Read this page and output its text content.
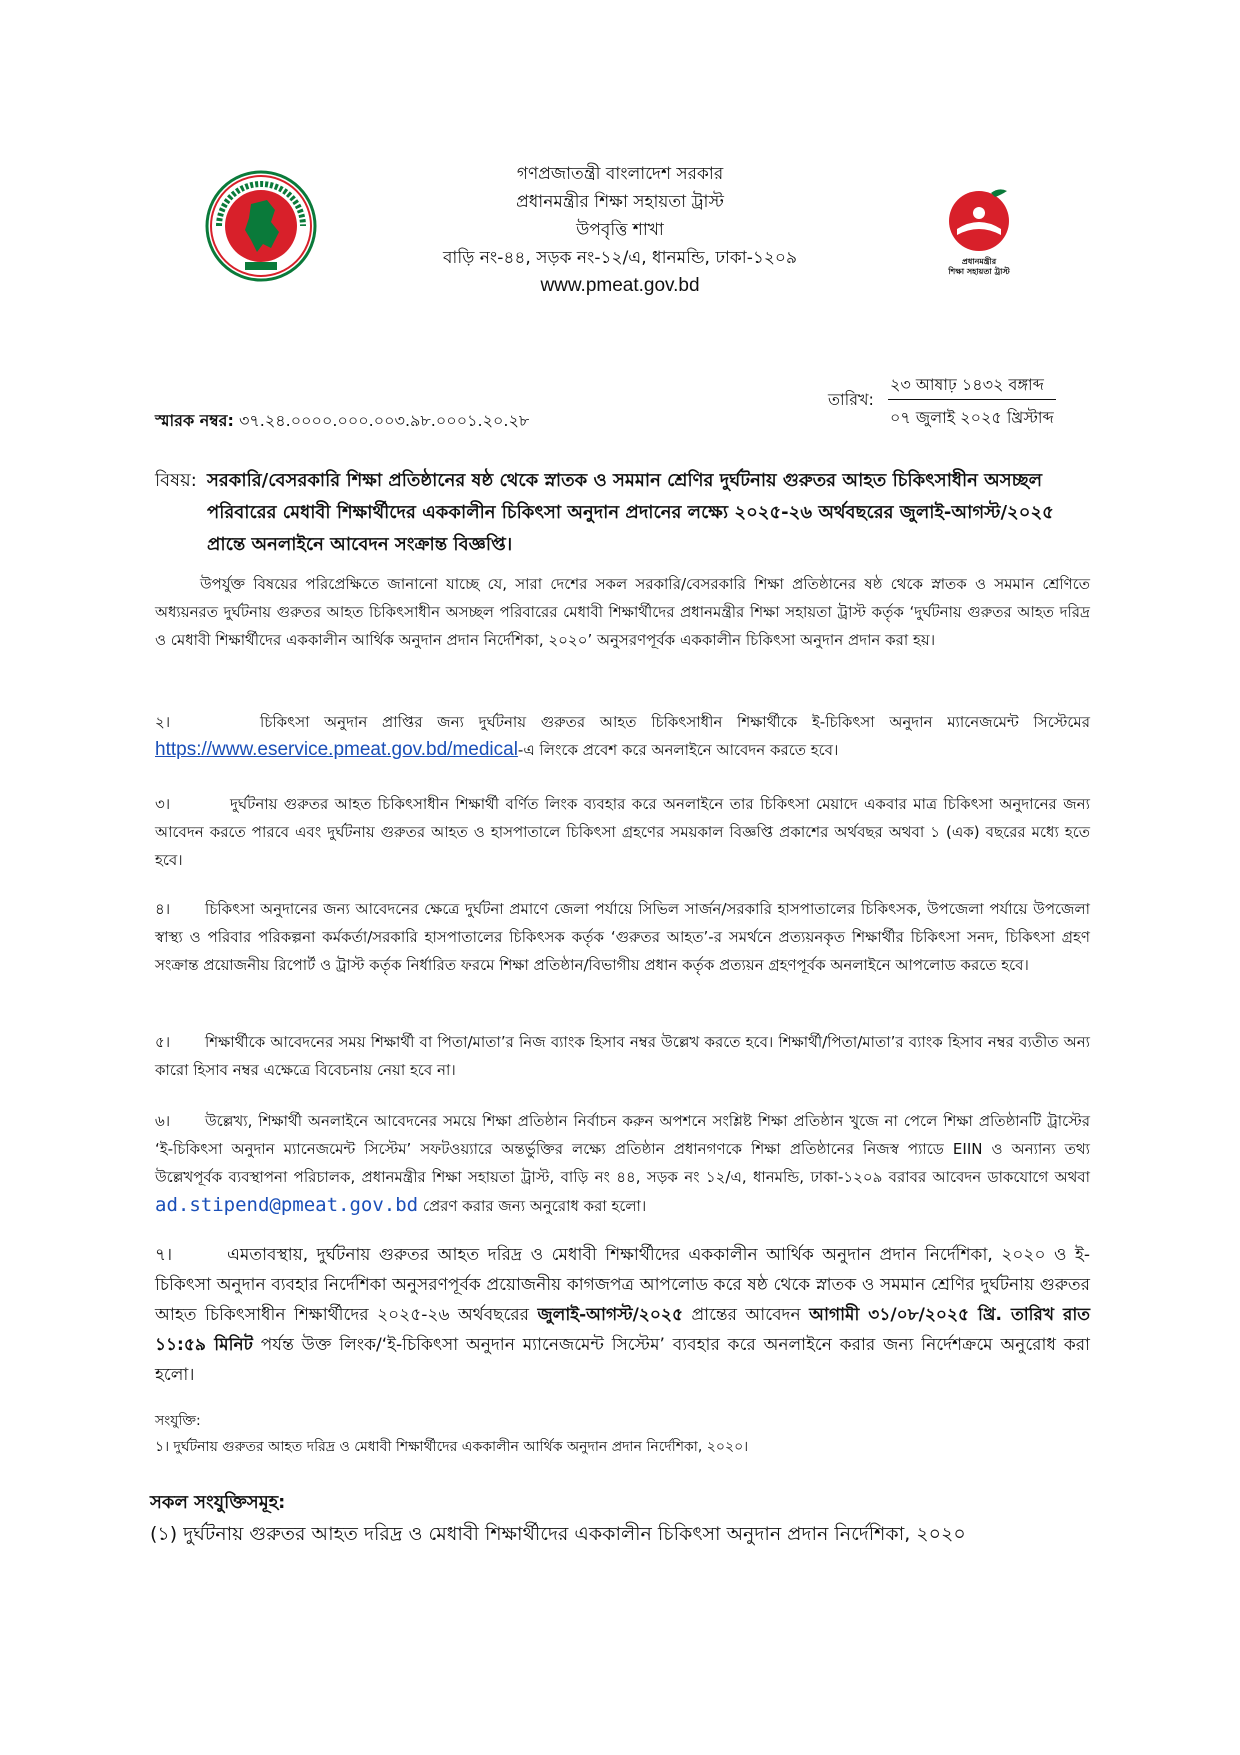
গণপ্রজাতন্ত্রী বাংলাদেশ সরকার
প্রধানমন্ত্রীর শিক্ষা সহায়তা ট্রাস্ট
উপবৃত্তি শাখা
বাড়ি নং-৪৪, সড়ক নং-১২/এ, ধানমন্ডি, ঢাকা-১২০৯
www.pmeat.gov.bd
প্রধানমন্ত্রীর
শিক্ষা সহায়তা ট্রাস্ট
তারিখ:
২৩ আষাঢ় ১৪৩২ বঙ্গাব্দ
০৭ জুলাই ২০২৫ খ্রিস্টাব্দ
স্মারক নম্বর: ৩৭.২৪.০০০০.০০০.০০৩.৯৮.০০০১.২০.২৮
বিষয়: সরকারি/বেসরকারি শিক্ষা প্রতিষ্ঠানের ষষ্ঠ থেকে স্নাতক ও সমমান শ্রেণির দুর্ঘটনায় গুরুতর আহত চিকিৎসাধীন অসচ্ছল পরিবারের মেধাবী শিক্ষার্থীদের এককালীন চিকিৎসা অনুদান প্রদানের লক্ষ্যে ২০২৫-২৬ অর্থবছরের জুলাই-আগস্ট/২০২৫ প্রান্তে অনলাইনে আবেদন সংক্রান্ত বিজ্ঞপ্তি।
উপর্যুক্ত বিষয়ের পরিপ্রেক্ষিতে জানানো যাচ্ছে যে, সারা দেশের সকল সরকারি/বেসরকারি শিক্ষা প্রতিষ্ঠানের ষষ্ঠ থেকে স্নাতক ও সমমান শ্রেণিতে অধ্যয়নরত দুর্ঘটনায় গুরুতর আহত চিকিৎসাধীন অসচ্ছল পরিবারের মেধাবী শিক্ষার্থীদের প্রধানমন্ত্রীর শিক্ষা সহায়তা ট্রাস্ট কর্তৃক ‘দুর্ঘটনায় গুরুতর আহত দরিদ্র ও মেধাবী শিক্ষার্থীদের এককালীন আর্থিক অনুদান প্রদান নির্দেশিকা, ২০২০’ অনুসরণপূর্বক এককালীন চিকিৎসা অনুদান প্রদান করা হয়।
২।	চিকিৎসা অনুদান প্রাপ্তির জন্য দুর্ঘটনায় গুরুতর আহত চিকিৎসাধীন শিক্ষার্থীকে ই-চিকিৎসা অনুদান ম্যানেজমেন্ট সিস্টেমের https://www.eservice.pmeat.gov.bd/medical-এ লিংকে প্রবেশ করে অনলাইনে আবেদন করতে হবে।
৩।	দুর্ঘটনায় গুরুতর আহত চিকিৎসাধীন শিক্ষার্থী বর্ণিত লিংক ব্যবহার করে অনলাইনে তার চিকিৎসা মেয়াদে একবার মাত্র চিকিৎসা অনুদানের জন্য আবেদন করতে পারবে এবং দুর্ঘটনায় গুরুতর আহত ও হাসপাতালে চিকিৎসা গ্রহণের সময়কাল বিজ্ঞপ্তি প্রকাশের অর্থবছর অথবা ১ (এক) বছরের মধ্যে হতে হবে।
৪। চিকিৎসা অনুদানের জন্য আবেদনের ক্ষেত্রে দুর্ঘটনা প্রমাণে জেলা পর্যায়ে সিভিল সার্জন/সরকারি হাসপাতালের চিকিৎসক, উপজেলা পর্যায়ে উপজেলা স্বাস্থ্য ও পরিবার পরিকল্পনা কর্মকর্তা/সরকারি হাসপাতালের চিকিৎসক কর্তৃক ‘গুরুতর আহত’-র সমর্থনে প্রত্যয়নকৃত শিক্ষার্থীর চিকিৎসা সনদ, চিকিৎসা গ্রহণ সংক্রান্ত প্রয়োজনীয় রিপোর্ট ও ট্রাস্ট কর্তৃক নির্ধারিত ফরমে শিক্ষা প্রতিষ্ঠান/বিভাগীয় প্রধান কর্তৃক প্রত্যয়ন গ্রহণপূর্বক অনলাইনে আপলোড করতে হবে।
৫। শিক্ষার্থীকে আবেদনের সময় শিক্ষার্থী বা পিতা/মাতা’র নিজ ব্যাংক হিসাব নম্বর উল্লেখ করতে হবে। শিক্ষার্থী/পিতা/মাতা’র ব্যাংক হিসাব নম্বর ব্যতীত অন্য কারো হিসাব নম্বর এক্ষেত্রে বিবেচনায় নেয়া হবে না।
৬। উল্লেখ্য, শিক্ষার্থী অনলাইনে আবেদনের সময়ে শিক্ষা প্রতিষ্ঠান নির্বাচন করুন অপশনে সংশ্লিষ্ট শিক্ষা প্রতিষ্ঠান খুজে না পেলে শিক্ষা প্রতিষ্ঠানটি ট্রাস্টের ‘ই-চিকিৎসা অনুদান ম্যানেজমেন্ট সিস্টেম’ সফটওয়্যারে অন্তর্ভুক্তির লক্ষ্যে প্রতিষ্ঠান প্রধানগণকে শিক্ষা প্রতিষ্ঠানের নিজস্ব প্যাডে EIIN ও অন্যান্য তথ্য উল্লেখপূর্বক ব্যবস্থাপনা পরিচালক, প্রধানমন্ত্রীর শিক্ষা সহায়তা ট্রাস্ট, বাড়ি নং ৪৪, সড়ক নং ১২/এ, ধানমন্ডি, ঢাকা-১২০৯ বরাবর আবেদন ডাকযোগে অথবা ad.stipend@pmeat.gov.bd প্রেরণ করার জন্য অনুরোধ করা হলো।
৭।	এমতাবস্থায়, দুর্ঘটনায় গুরুতর আহত দরিদ্র ও মেধাবী শিক্ষার্থীদের এককালীন আর্থিক অনুদান প্রদান নির্দেশিকা, ২০২০ ও ই-চিকিৎসা অনুদান ব্যবহার নির্দেশিকা অনুসরণপূর্বক প্রয়োজনীয় কাগজপত্র আপলোড করে ষষ্ঠ থেকে স্নাতক ও সমমান শ্রেণির দুর্ঘটনায় গুরুতর আহত চিকিৎসাধীন শিক্ষার্থীদের ২০২৫-২৬ অর্থবছরের জুলাই-আগস্ট/২০২৫ প্রান্তের আবেদন আগামী ৩১/০৮/২০২৫ খ্রি. তারিখ রাত ১১:৫৯ মিনিট পর্যন্ত উক্ত লিংক/‘ই-চিকিৎসা অনুদান ম্যানেজমেন্ট সিস্টেম’ ব্যবহার করে অনলাইনে করার জন্য নির্দেশক্রমে অনুরোধ করা হলো।
সংযুক্তি:
১। দুর্ঘটনায় গুরুতর আহত দরিদ্র ও মেধাবী শিক্ষার্থীদের এককালীন আর্থিক অনুদান প্রদান নির্দেশিকা, ২০২০।
সকল সংযুক্তিসমূহ:
(১) দুর্ঘটনায় গুরুতর আহত দরিদ্র ও মেধাবী শিক্ষার্থীদের এককালীন চিকিৎসা অনুদান প্রদান নির্দেশিকা, ২০২০
